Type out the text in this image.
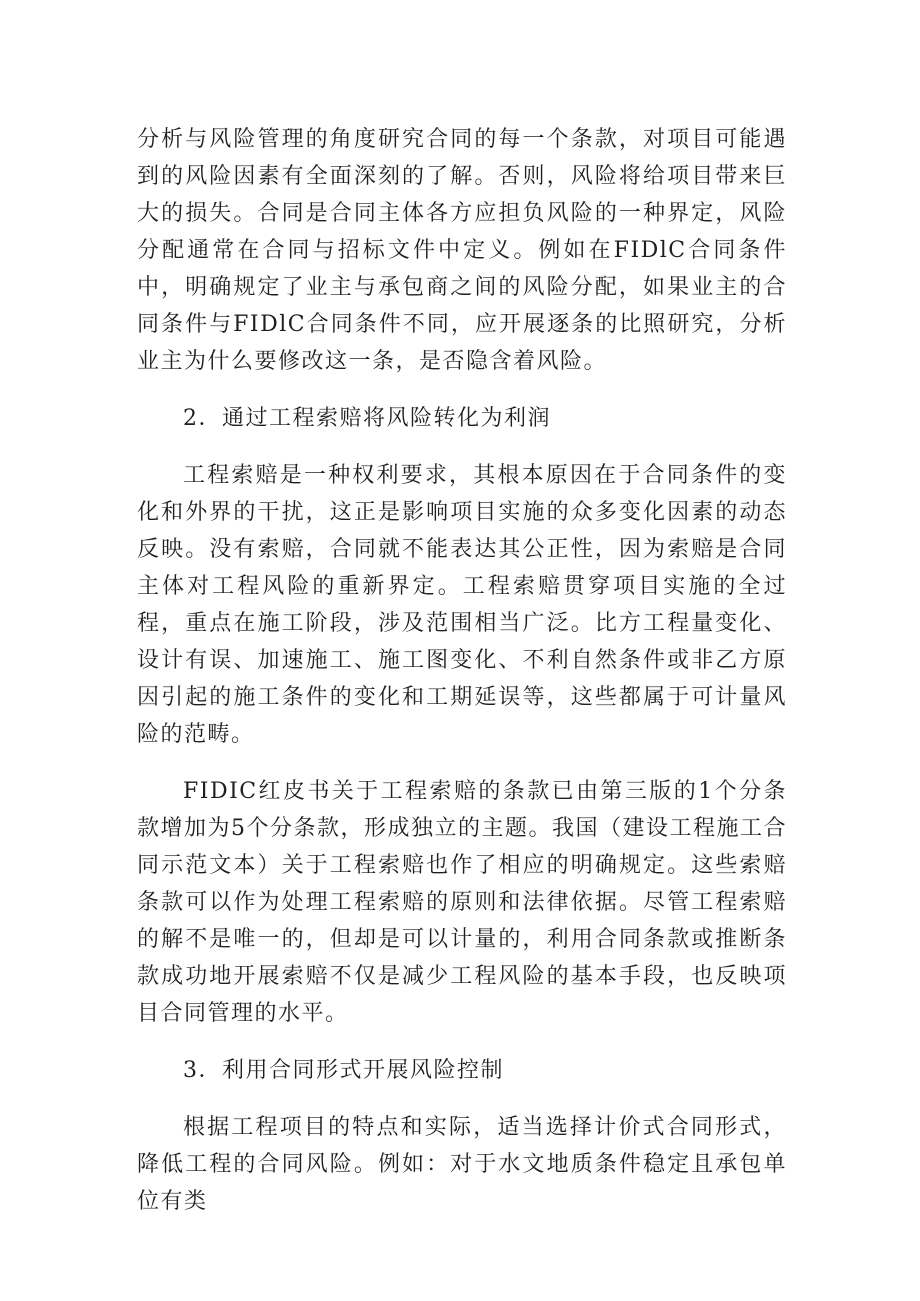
分析与风险管理的角度研究合同的每一个条款，对项目可能遇到的风险因素有全面深刻的了解。否则，风险将给项目带来巨大的损失。合同是合同主体各方应担负风险的一种界定，风险分配通常在合同与招标文件中定义。例如在FIDlC合同条件中，明确规定了业主与承包商之间的风险分配，如果业主的合同条件与FIDlC合同条件不同，应开展逐条的比照研究，分析业主为什么要修改这一条，是否隐含着风险。

2．通过工程索赔将风险转化为利润

工程索赔是一种权利要求，其根本原因在于合同条件的变化和外界的干扰，这正是影响项目实施的众多变化因素的动态反映。没有索赔，合同就不能表达其公正性，因为索赔是合同主体对工程风险的重新界定。工程索赔贯穿项目实施的全过程，重点在施工阶段，涉及范围相当广泛。比方工程量变化、设计有误、加速施工、施工图变化、不利自然条件或非乙方原因引起的施工条件的变化和工期延误等，这些都属于可计量风险的范畴。

FIDIC红皮书关于工程索赔的条款已由第三版的1个分条款增加为5个分条款，形成独立的主题。我国（建设工程施工合同示范文本）关于工程索赔也作了相应的明确规定。这些索赔条款可以作为处理工程索赔的原则和法律依据。尽管工程索赔的解不是唯一的，但却是可以计量的，利用合同条款或推断条款成功地开展索赔不仅是减少工程风险的基本手段，也反映项目合同管理的水平。

3．利用合同形式开展风险控制

根据工程项目的特点和实际，适当选择计价式合同形式，降低工程的合同风险。例如：对于水文地质条件稳定且承包单位有类
